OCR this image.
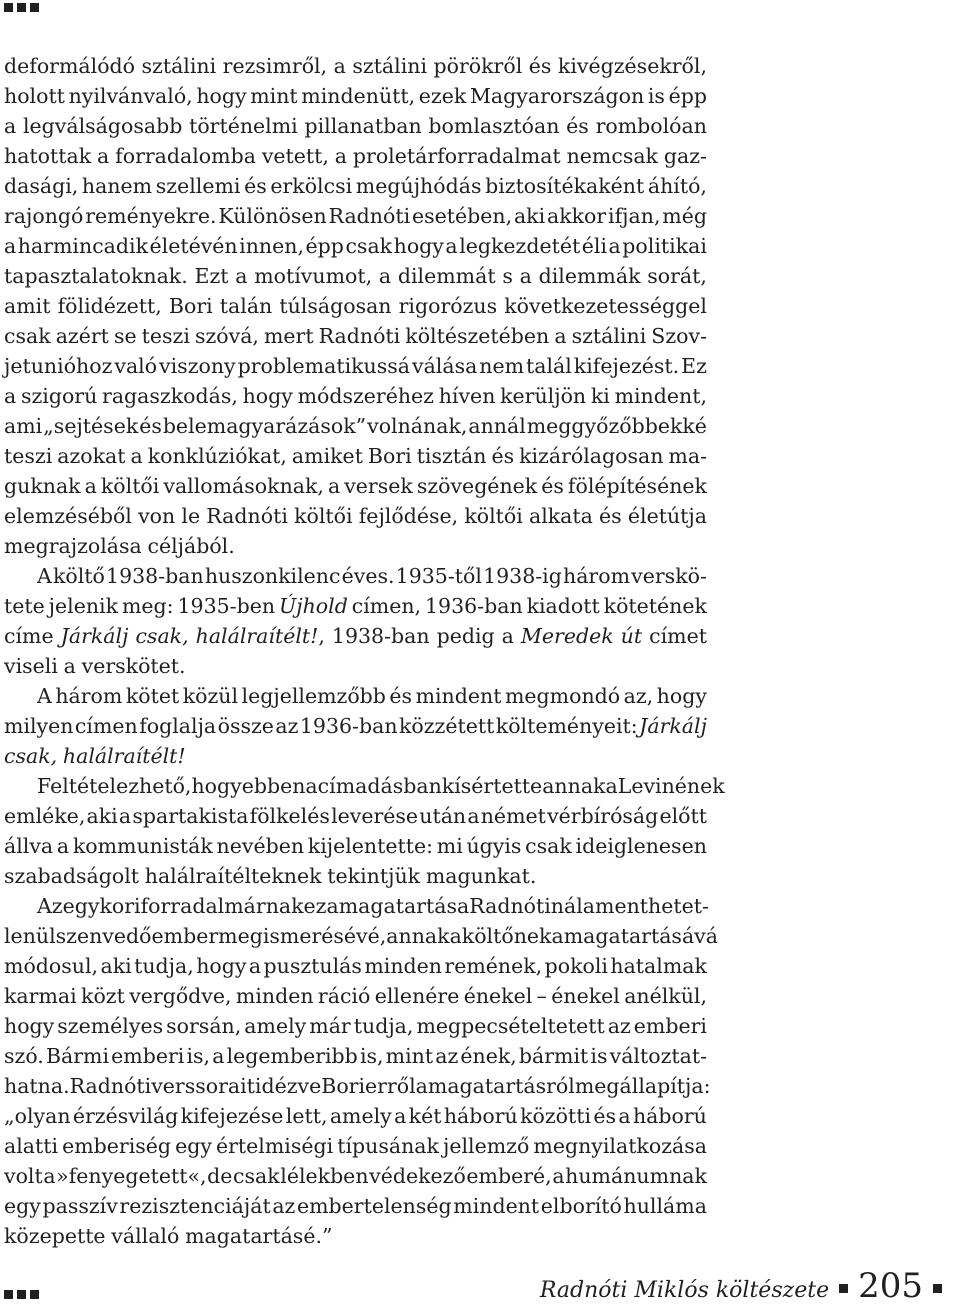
deformálódó sztálini rezsimről, a sztálini pörökről és kivégzésekről,
holott nyilvánvaló, hogy mint mindenütt, ezek Magyarországon is épp
a legválságosabb történelmi pillanatban bomlasztóan és rombolóan
hatottak a forradalomba vetett, a proletárforradalmat nemcsak gaz-
dasági, hanem szellemi és erkölcsi megújhódás biztosítékaként áhító,
rajongó reményekre. Különösen Radnóti esetében, aki akkor ifjan, még
a harmincadik életévén innen, épp csak hogy a legkezdetét éli a politikai
tapasztalatoknak. Ezt a motívumot, a dilemmát s a dilemmák sorát,
amit fölidézett, Bori talán túlságosan rigorózus következetességgel
csak azért se teszi szóvá, mert Radnóti költészetében a sztálini Szov-
jetunióhoz való viszony problematikussá válása nem talál kifejezést. Ez
a szigorú ragaszkodás, hogy módszeréhez híven kerüljön ki mindent,
ami „sejtések és belemagyarázások” volnának, annál meggyőzőbbekké
teszi azokat a konklúziókat, amiket Bori tisztán és kizárólagosan ma-
guknak a költői vallomásoknak, a versek szövegének és fölépítésének
elemzéséből von le Radnóti költői fejlődése, költői alkata és életútja
megrajzolása céljából.
A költő 1938-ban huszonkilenc éves. 1935-től 1938-ig három verskö-
tete jelenik meg: 1935-ben Újhold címen, 1936-ban kiadott kötetének
címe Járkálj csak, halálraítélt!, 1938-ban pedig a Meredek út címet
viseli a verskötet.
A három kötet közül legjellemzőbb és mindent megmondó az, hogy
milyen címen foglalja össze az 1936-ban közzétett költeményeit: Járkálj
csak, halálraítélt!
Feltételezhető, hogy ebben a címadásban kísértette annak a Levinének
emléke, aki a spartakista fölkelés leverése után a német vérbíróság előtt
állva a kommunisták nevében kijelentette: mi úgyis csak ideiglenesen
szabadságolt halálraítélteknek tekintjük magunkat.
Az egykori forradalmárnak ez a magatartása Radnótinál a menthetet-
lenül szenvedő ember megismerésévé, annak a költőnek a magatartásává
módosul, aki tudja, hogy a pusztulás minden remének, pokoli hatalmak
karmai közt vergődve, minden ráció ellenére énekel – énekel anélkül,
hogy személyes sorsán, amely már tudja, megpecsételtetett az emberi
szó. Bármi emberi is, a legemberibb is, mint az ének, bármit is változtat-
hatna. Radnóti verssorait idézve Bori erről a magatartásról megállapítja:
„olyan érzésvilág kifejezése lett, amely a két háború közötti és a háború
alatti emberiség egy értelmiségi típusának jellemző megnyilatkozása
volt a »fenyegetett«, de csak lélekben védekező emberé, a humánumnak
egy passzív rezisztenciáját az embertelenség mindent elborító hulláma
közepette vállaló magatartásé.”
Radnóti Miklós költészete 205
